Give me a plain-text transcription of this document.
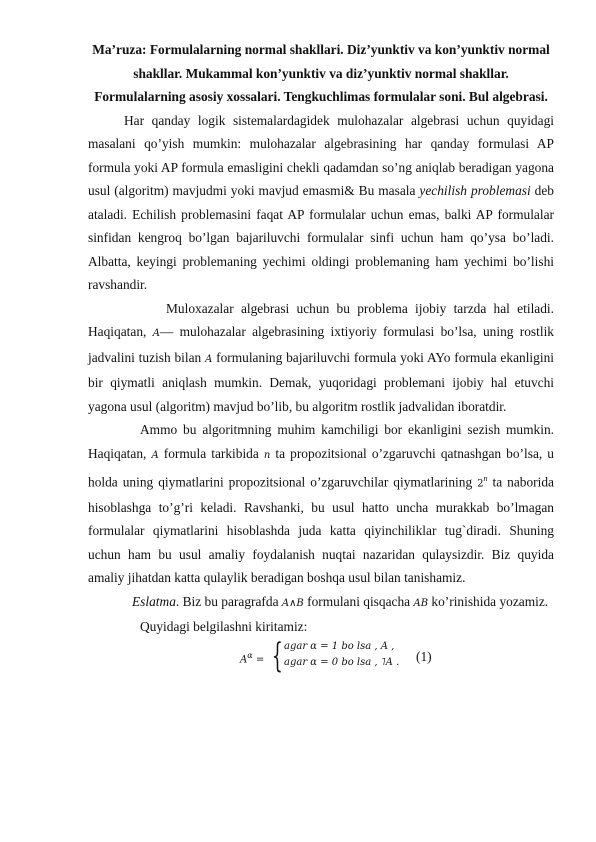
Ma’ruza: Formulalarning normal shakllari. Diz’yunktiv va kon’yunktiv normal shakllar. Mukammal kon’yunktiv va diz’yunktiv normal shakllar. Formulalarning asosiy xossalari. Tengkuchlimas formulalar soni. Bul algebrasi.

Har qanday logik sistemalardagidek mulohazalar algebrasi uchun quyidagi masalani qo’yish mumkin: mulohazalar algebrasining har qanday formulasi AP formula yoki AP formula emasligini chekli qadamdan so’ng aniqlab beradigan yagona usul (algoritm) mavjudmi yoki mavjud emasmi& Bu masala yechilish problemasi deb ataladi. Echilish problemasini faqat AP formulalar uchun emas, balki AP formulalar sinfidan kengroq bo’lgan bajariluvchi formulalar sinfi uchun ham qo’ysa bo’ladi. Albatta, keyingi problemaning yechimi oldingi problemaning ham yechimi bo’lishi ravshandir.

Muloxazalar algebrasi uchun bu problema ijobiy tarzda hal etiladi. Haqiqatan, A— mulohazalar algebrasining ixtiyoriy formulasi bo’lsa, uning rostlik jadvalini tuzish bilan A formulaning bajariluvchi formula yoki AYo formula ekanligini bir qiymatli aniqlash mumkin. Demak, yuqoridagi problemani ijobiy hal etuvchi yagona usul (algoritm) mavjud bo’lib, bu algoritm rostlik jadvalidan iboratdir.

Ammo bu algoritmning muhim kamchiligi bor ekanligini sezish mumkin. Haqiqatan, A formula tarkibida n ta propozitsional o’zgaruvchi qatnashgan bo’lsa, u holda uning qiymatlarini propozitsional o’zgaruvchilar qiymatlarining 2$^n$ ta naborida hisoblashga to’g’ri keladi. Ravshanki, bu usul hatto uncha murakkab bo’lmagan formulalar qiymatlarini hisoblashda juda katta qiyinchiliklar tug`diradi. Shuning uchun ham bu usul amaliy foydalanish nuqtai nazaridan qulaysizdir. Biz quyida amaliy jihatdan katta qulaylik beradigan boshqa usul bilan tanishamiz.

Eslatma. Biz bu paragrafda A∧B formulani qisqacha AB ko’rinishida yozamiz.

Quyidagi belgilashni kiritamiz:

$A^\alpha$ = { agar α = 1 bo lsa , A ,
agar α = 0 bo lsa , ˥A . (1)
